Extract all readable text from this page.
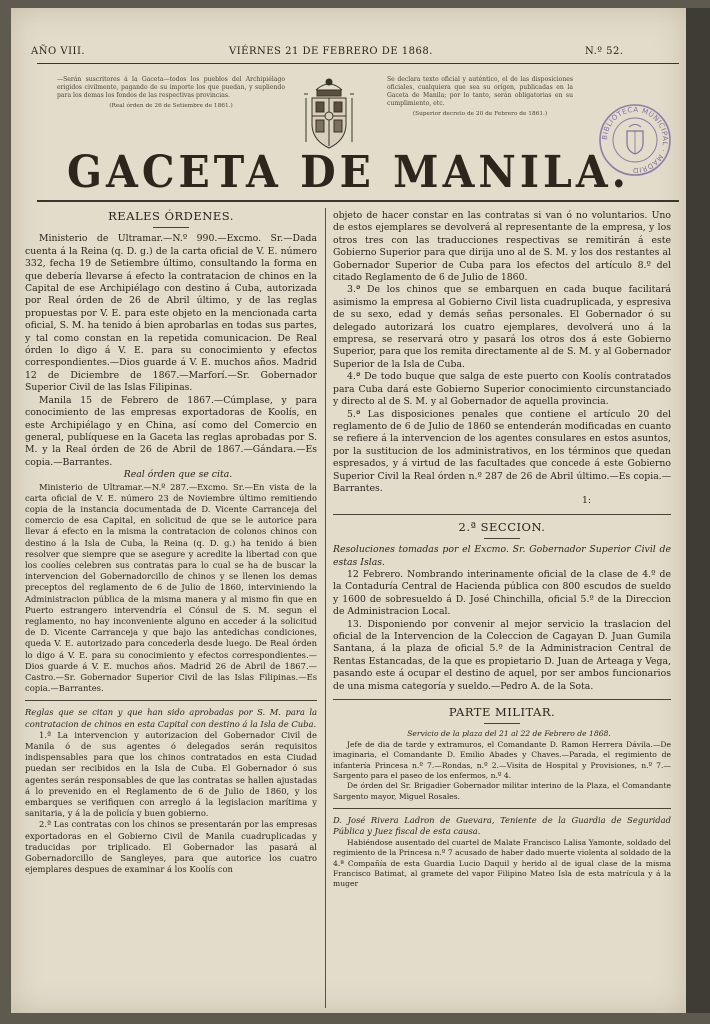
AÑO VIII.	VIÉRNES 21 DE FEBRERO DE 1868.	N.º 52.
—Serán suscritores á la Gaceta—todos los pueblos del Archipiélago erigidos civilmente, pagando de su importe los que puedan, y supliendo para los demas los fondos de las respectivas provincias.
(Real órden de 26 de Setiembre de 1861.)
Se declara texto oficial y auténtico, el de las disposiciones oficiales, cualquiera que sea su orígen, publicadas en la Gaceta de Manila; por lo tanto, serán obligatorias en su cumplimiento, etc.
(Superior decreto de 20 de Febrero de 1861.)
BIBLIOTECA MUNICIPAL · MADRID
GACETA DE MANILA.

REALES ÓRDENES.

Ministerio de Ultramar.—N.º 990.—Excmo. Sr.—Dada cuenta á la Reina (q. D. g.) de la carta oficial de V. E. número 332, fecha 19 de Setiembre último, consultando la forma en que debería llevarse á efecto la contratacion de chinos en la Capital de ese Archipiélago con destino á Cuba, autorizada por Real órden de 26 de Abril último, y de las reglas propuestas por V. E. para este objeto en la mencionada carta oficial, S. M. ha tenido á bien aprobarlas en todas sus partes, y tal como constan en la repetida comunicacion. De Real órden lo digo á V. E. para su conocimiento y efectos correspondientes.—Dios guarde á V. E. muchos años. Madrid 12 de Diciembre de 1867.—Marforí.—Sr. Gobernador Superior Civil de las Islas Filipinas.

Manila 15 de Febrero de 1867.—Cúmplase, y para conocimiento de las empresas exportadoras de Koolís, en este Archipiélago y en China, así como del Comercio en general, publíquese en la Gaceta las reglas aprobadas por S. M. y la Real órden de 26 de Abril de 1867.—Gándara.—Es copia.—Barrantes.

Real órden que se cita.

Ministerio de Ultramar.—N.º 287.—Excmo. Sr.—En vista de la carta oficial de V. E. número 23 de Noviembre último remitiendo copia de la instancia documentada de D. Vicente Carranceja del comercio de esa Capital, en solicitud de que se le autorice para llevar á efecto en la misma la contratacion de colonos chinos con destino á la Isla de Cuba, la Reina (q. D. g.) ha tenido á bien resolver que siempre que se asegure y acredite la libertad con que los coolíes celebren sus contratas para lo cual se ha de buscar la intervencion del Gobernadorcillo de chinos y se llenen los demas preceptos del reglamento de 6 de Julio de 1860, interviniendo la Administracion pública de la misma manera y al mismo fin que en Puerto estrangero intervendría el Cónsul de S. M. segun el reglamento, no hay inconveniente alguno en acceder á la solicitud de D. Vicente Carranceja y que bajo las antedichas condiciones, queda V. E. autorizado para concederla desde luego. De Real órden lo digo á V. E. para su conocimiento y efectos correspondientes.—Dios guarde á V. E. muchos años. Madrid 26 de Abril de 1867.—Castro.—Sr. Gobernador Superior Civil de las Islas Filipinas.—Es copia.—Barrantes.

Reglas que se citan y que han sido aprobadas por S. M. para la contratacion de chinos en esta Capital con destino á la Isla de Cuba.

1.ª La intervencion y autorizacion del Gobernador Civil de Manila ó de sus agentes ó delegados serán requisitos indispensables para que los chinos contratados en esta Ciudad puedan ser recibidos en la Isla de Cuba. El Gobernador ó sus agentes serán responsables de que las contratas se hallen ajustadas á lo prevenido en el Reglamento de 6 de Julio de 1860, y los embarques se verifiquen con arreglo á la legislacion marítima y sanitaria, y á la de policía y buen gobierno.

2.ª Las contratas con los chinos se presentarán por las empresas exportadoras en el Gobierno Civil de Manila cuadruplicadas y traducidas por triplicado. El Gobernador las pasará al Gobernadorcillo de Sangleyes, para que autorice los cuatro ejemplares despues de examinar á los Koolís con

objeto de hacer constar en las contratas si van ó no voluntarios. Uno de estos ejemplares se devolverá al representante de la empresa, y los otros tres con las traducciones respectivas se remitirán á este Gobierno Superior para que dirija uno al de S. M. y los dos restantes al Gobernador Superior de Cuba para los efectos del artículo 8.º del citado Reglamento de 6 de Julio de 1860.

3.ª De los chinos que se embarquen en cada buque facilitará asimismo la empresa al Gobierno Civil lista cuadruplicada, y espresiva de su sexo, edad y demás señas personales. El Gobernador ó su delegado autorizará los cuatro ejemplares, devolverá uno á la empresa, se reservará otro y pasará los otros dos á este Gobierno Superior, para que los remita directamente al de S. M. y al Gobernador Superior de la Isla de Cuba.

4.ª De todo buque que salga de este puerto con Koolís contratados para Cuba dará este Gobierno Superior conocimiento circunstanciado y directo al de S. M. y al Gobernador de aquella provincia.

5.ª Las disposiciones penales que contiene el artículo 20 del reglamento de 6 de Julio de 1860 se entenderán modificadas en cuanto se refiere á la intervencion de los agentes consulares en estos asuntos, por la sustitucion de los administrativos, en los términos que quedan espresados, y á virtud de las facultades que concede á este Gobierno Superior Civil la Real órden n.º 287 de 26 de Abril último.—Es copia.—Barrantes.

1:

2.ª SECCION.

Resoluciones tomadas por el Excmo. Sr. Gobernador Superior Civil de estas Islas.

12 Febrero. Nombrando interinamente oficial de la clase de 4.º de la Contaduría Central de Hacienda pública con 800 escudos de sueldo y 1600 de sobresueldo á D. José Chinchilla, oficial 5.º de la Direccion de Administracion Local.

13. Disponiendo por convenir al mejor servicio la traslacion del oficial de la Intervencion de la Coleccion de Cagayan D. Juan Gumila Santana, á la plaza de oficial 5.º de la Administracion Central de Rentas Estancadas, de la que es propietario D. Juan de Arteaga y Vega, pasando este á ocupar el destino de aquel, por ser ambos funcionarios de una misma categoría y sueldo.—Pedro A. de la Sota.

PARTE MILITAR.

Servicio de la plaza del 21 al 22 de Febrero de 1868.

Jefe de dia de tarde y extramuros, el Comandante D. Ramon Herrera Dávila.—De imaginaria, el Comandante D. Emilio Abades y Chaves.—Parada, el regimiento de infantería Princesa n.º 7.—Rondas, n.º 2.—Visita de Hospital y Provisiones, n.º 7.—Sargento para el paseo de los enfermos, n.º 4.

De órden del Sr. Brigadier Gobernador militar interino de la Plaza, el Comandante Sargento mayor, Miguel Rosales.

D. José Rivera Ladron de Guevara, Teniente de la Guardia de Seguridad Pública y Juez fiscal de esta causa.

Habiéndose ausentado del cuartel de Malate Francisco Lalisa Yamonte, soldado del regimiento de la Princesa n.º 7 acusado de haber dado muerte violenta al soldado de la 4.ª Compañía de esta Guardia Lucio Daquil y herido al de igual clase de la misma Francisco Batimat, al gramete del vapor Filipino Mateo Isla de esta matrícula y á la muger
